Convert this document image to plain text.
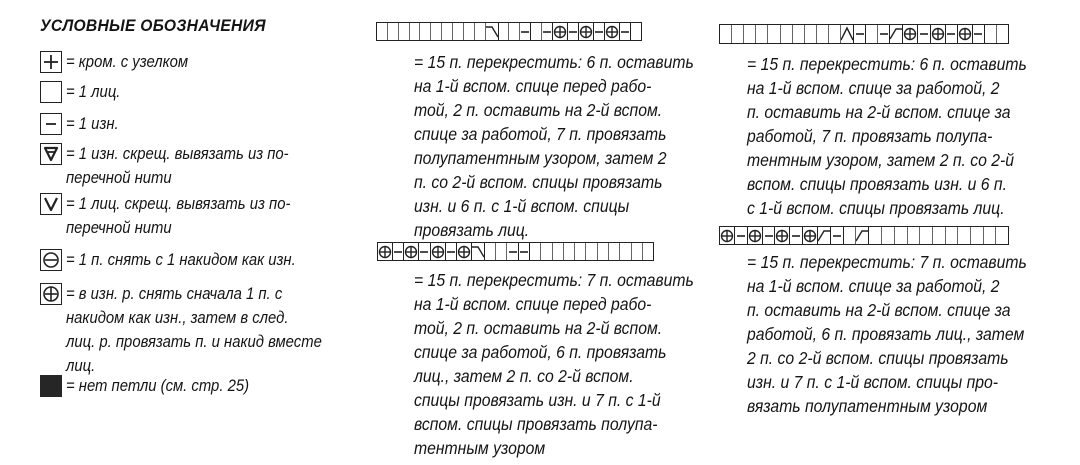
УСЛОВНЫЕ ОБОЗНАЧЕНИЯ
= кром. с узелком
= 1 лиц.
= 1 изн.
= 1 изн. скрещ. вывязать из по-
перечной нити
= 1 лиц. скрещ. вывязать из по-
перечной нити
= 1 п. снять с 1 накидом как изн.
= в изн. р. снять сначала 1 п. с
накидом как изн., затем в след.
лиц. р. провязать п. и накид вместе
лиц.
= нет петли (см. стр. 25)

= 15 п. перекрестить: 6 п. оставить
на 1-й вспом. спице перед рабо-
той, 2 п. оставить на 2-й вспом.
спице за работой, 7 п. провязать
полупатентным узором, затем 2
п. со 2-й вспом. спицы провязать
изн. и 6 п. с 1-й вспом. спицы
провязать лиц.

= 15 п. перекрестить: 6 п. оставить
на 1-й вспом. спице за работой, 2
п. оставить на 2-й вспом. спице за
работой, 7 п. провязать полупа-
тентным узором, затем 2 п. со 2-й
вспом. спицы провязать изн. и 6 п.
с 1-й вспом. спицы провязать лиц.

= 15 п. перекрестить: 7 п. оставить
на 1-й вспом. спице перед рабо-
той, 2 п. оставить на 2-й вспом.
спице за работой, 6 п. провязать
лиц., затем 2 п. со 2-й вспом.
спицы провязать изн. и 7 п. с 1-й
вспом. спицы провязать полупа-
тентным узором

= 15 п. перекрестить: 7 п. оставить
на 1-й вспом. спице за работой, 2
п. оставить на 2-й вспом. спице за
работой, 6 п. провязать лиц., затем
2 п. со 2-й вспом. спицы провязать
изн. и 7 п. с 1-й вспом. спицы про-
вязать полупатентным узором
